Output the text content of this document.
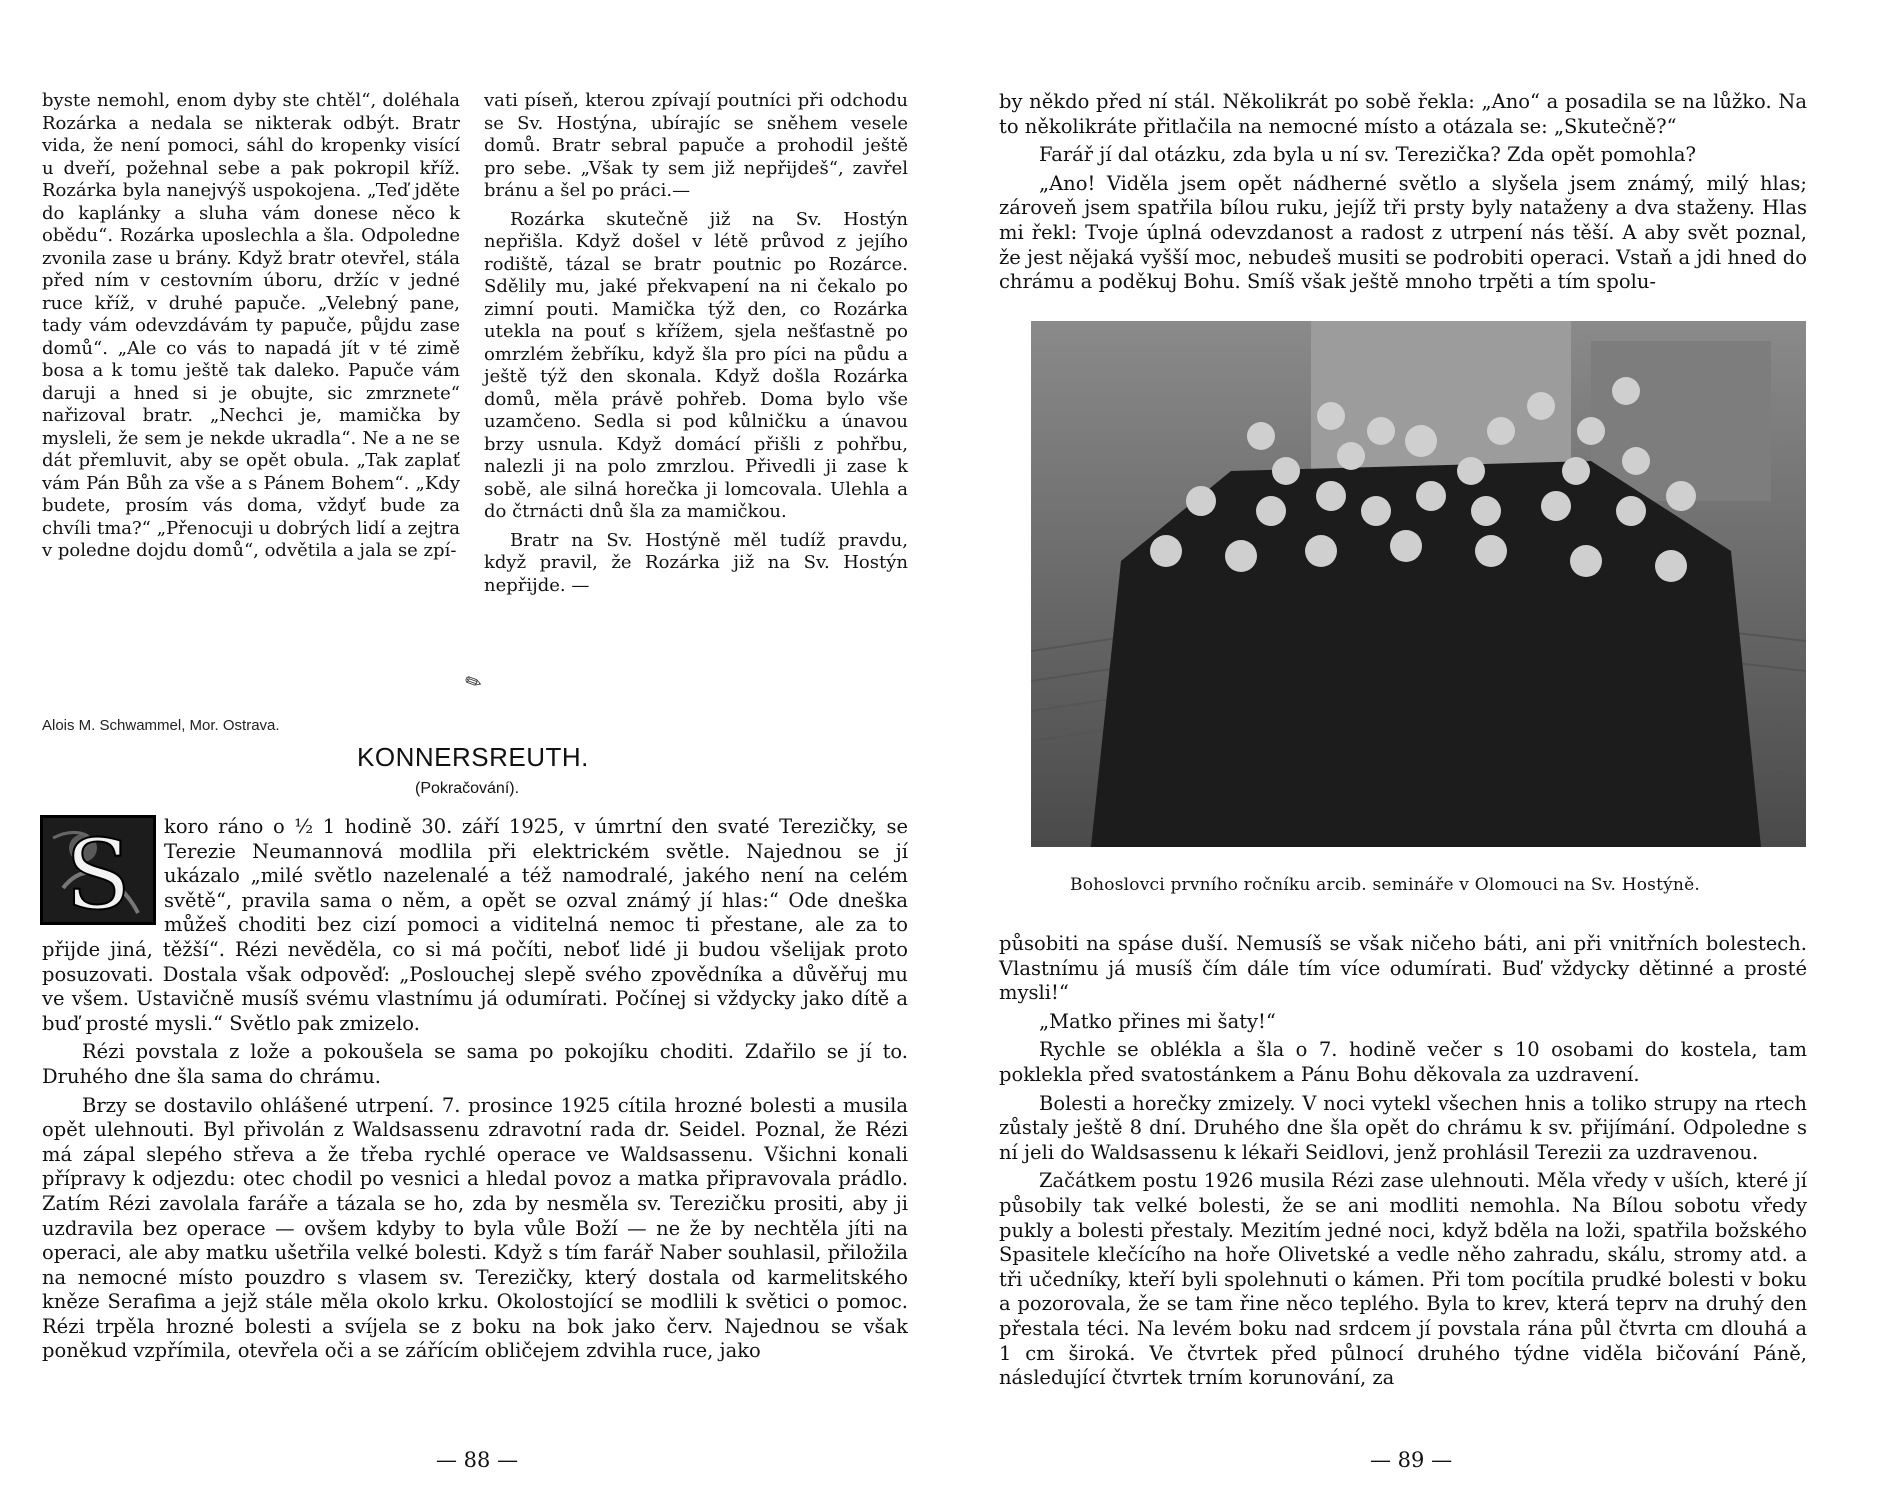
byste nemohl, enom dyby ste chtěl“, doléhala Rozárka a nedala se nikterak odbýt. Bratr vida, že není pomoci, sáhl do kropenky visící u dveří, požehnal sebe a pak pokropil kříž. Rozárka byla nanejvýš uspokojena. „Teď jděte do kaplánky a sluha vám donese něco k obědu“. Rozárka uposlechla a šla. Odpoledne zvonila zase u brány. Když bratr otevřel, stála před ním v cestovním úboru, držíc v jedné ruce kříž, v druhé papuče. „Velebný pane, tady vám odevzdávám ty papuče, půjdu zase domů“. „Ale co vás to napadá jít v té zimě bosa a k tomu ještě tak daleko. Papuče vám daruji a hned si je obujte, sic zmrznete“ nařizoval bratr. „Nechci je, mamička by mysleli, že sem je nekde ukradla“. Ne a ne se dát přemluvit, aby se opět obula. „Tak zaplať vám Pán Bůh za vše a s Pánem Bohem“. „Kdy budete, prosím vás doma, vždyť bude za chvíli tma?“ „Přenocuji u dobrých lidí a zejtra v poledne dojdu domů“, odvětila a jala se zpí-

vati píseň, kterou zpívají poutníci při odchodu se Sv. Hostýna, ubírajíc se sněhem vesele domů. Bratr sebral papuče a prohodil ještě pro sebe. „Však ty sem již nepřijdeš“, zavřel bránu a šel po práci.—

Rozárka skutečně již na Sv. Hostýn nepřišla. Když došel v létě průvod z jejího rodiště, tázal se bratr poutnic po Rozárce. Sdělily mu, jaké překvapení na ni čekalo po zimní pouti. Mamička týž den, co Rozárka utekla na pouť s křížem, sjela nešťastně po omrzlém žebříku, když šla pro píci na půdu a ještě týž den skonala. Když došla Rozárka domů, měla právě pohřeb. Doma bylo vše uzamčeno. Sedla si pod kůlničku a únavou brzy usnula. Když domácí přišli z pohřbu, nalezli ji na polo zmrzlou. Přivedli ji zase k sobě, ale silná horečka ji lomcovala. Ulehla a do čtrnácti dnů šla za mamičkou.

Bratr na Sv. Hostýně měl tudíž pravdu, když pravil, že Rozárka již na Sv. Hostýn nepřijde. —

✎
Alois M. Schwammel, Mor. Ostrava.
KONNERSREUTH.
(Pokračování).
S	koro ráno o ½ 1 hodině 30. září 1925, v úmrtní den svaté Terezičky, se Terezie Neumannová modlila při elektrickém světle. Najednou se jí ukázalo „milé světlo nazelenalé a též namodralé, jakého není na celém světě“, pravila sama o něm, a opět se ozval známý jí hlas:“ Ode dneška můžeš choditi bez cizí pomoci a viditelná nemoc ti přestane, ale za to přijde jiná, těžší“. Rézi nevěděla, co si má počíti, neboť lidé ji budou všelijak proto posuzovati. Dostala však odpověď: „Poslouchej slepě svého zpovědníka a důvěřuj mu ve všem. Ustavičně musíš svému vlastnímu já odumírati. Počínej si vždycky jako dítě a buď prosté mysli.“ Světlo pak zmizelo.

Rézi povstala z lože a pokoušela se sama po pokojíku choditi. Zdařilo se jí to. Druhého dne šla sama do chrámu.

Brzy se dostavilo ohlášené utrpení. 7. prosince 1925 cítila hrozné bolesti a musila opět ulehnouti. Byl přivolán z Waldsassenu zdravotní rada dr. Seidel. Poznal, že Rézi má zápal slepého střeva a že třeba rychlé operace ve Waldsassenu. Všichni konali přípravy k odjezdu: otec chodil po vesnici a hledal povoz a matka připravovala prádlo. Zatím Rézi zavolala faráře a tázala se ho, zda by nesměla sv. Terezičku prositi, aby ji uzdravila bez operace — ovšem kdyby to byla vůle Boží — ne že by nechtěla jíti na operaci, ale aby matku ušetřila velké bolesti. Když s tím farář Naber souhlasil, přiložila na nemocné místo pouzdro s vlasem sv. Terezičky, který dostala od karmelitského kněze Serafima a jejž stále měla okolo krku. Okolostojící se modlili k světici o pomoc. Rézi trpěla hrozné bolesti a svíjela se z boku na bok jako červ. Najednou se však poněkud vzpřímila, otevřela oči a se zářícím obličejem zdvihla ruce, jako

— 88 —

by někdo před ní stál. Několikrát po sobě řekla: „Ano“ a posadila se na lůžko. Na to několikráte přitlačila na nemocné místo a otázala se: „Skutečně?“

Farář jí dal otázku, zda byla u ní sv. Terezička? Zda opět pomohla?

„Ano! Viděla jsem opět nádherné světlo a slyšela jsem známý, milý hlas; zároveň jsem spatřila bílou ruku, jejíž tři prsty byly nataženy a dva staženy. Hlas mi řekl: Tvoje úplná odevzdanost a radost z utrpení nás těší. A aby svět poznal, že jest nějaká vyšší moc, nebudeš musiti se podrobiti operaci. Vstaň a jdi hned do chrámu a poděkuj Bohu. Smíš však ještě mnoho trpěti a tím spolu-

Bohoslovci prvního ročníku arcib. semináře v Olomouci na Sv. Hostýně.

působiti na spáse duší. Nemusíš se však ničeho báti, ani při vnitřních bolestech. Vlastnímu já musíš čím dále tím více odumírati. Buď vždycky dětinné a prosté mysli!“

„Matko přines mi šaty!“

Rychle se oblékla a šla o 7. hodině večer s 10 osobami do kostela, tam poklekla před svatostánkem a Pánu Bohu děkovala za uzdravení.

Bolesti a horečky zmizely. V noci vytekl všechen hnis a toliko strupy na rtech zůstaly ještě 8 dní. Druhého dne šla opět do chrámu k sv. přijímání. Odpoledne s ní jeli do Waldsassenu k lékaři Seidlovi, jenž prohlásil Terezii za uzdravenou.

Začátkem postu 1926 musila Rézi zase ulehnouti. Měla vředy v uších, které jí působily tak velké bolesti, že se ani modliti nemohla. Na Bílou sobotu vředy pukly a bolesti přestaly. Mezitím jedné noci, když bděla na loži, spatřila božského Spasitele klečícího na hoře Olivetské a vedle něho zahradu, skálu, stromy atd. a tři učedníky, kteří byli spolehnuti o kámen. Při tom pocítila prudké bolesti v boku a pozorovala, že se tam řine něco teplého. Byla to krev, která teprv na druhý den přestala téci. Na levém boku nad srdcem jí povstala rána půl čtvrta cm dlouhá a 1 cm široká. Ve čtvrtek před půlnocí druhého týdne viděla bičování Páně, následující čtvrtek trním korunování, za

— 89 —
